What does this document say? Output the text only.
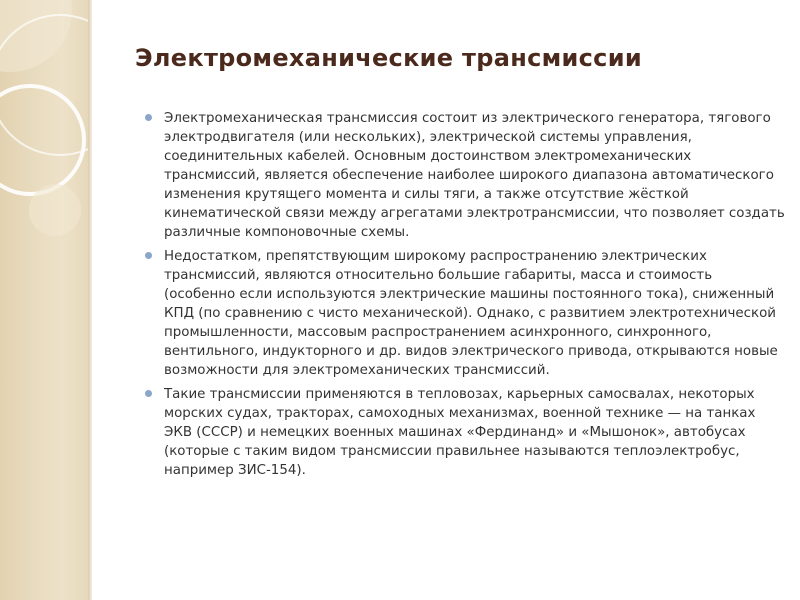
Электромеханические трансмиссии
Электромеханическая трансмиссия состоит из электрического генератора, тягового электродвигателя (или нескольких), электрической системы управления, соединительных кабелей. Основным достоинством электромеханических трансмиссий, является обеспечение наиболее широкого диапазона автоматического изменения крутящего момента и силы тяги, а также отсутствие жёсткой кинематической связи между агрегатами электротрансмиссии, что позволяет создать различные компоновочные схемы.
Недостатком, препятствующим широкому распространению электрических трансмиссий, являются относительно большие габариты, масса и стоимость (особенно если используются электрические машины постоянного тока), сниженный КПД (по сравнению с чисто механической). Однако, с развитием электротехнической промышленности, массовым распространением асинхронного, синхронного, вентильного, индукторного и др. видов электрического привода, открываются новые возможности для электромеханических трансмиссий.
Такие трансмиссии применяются в тепловозах, карьерных самосвалах, некоторых морских судах, тракторах, самоходных механизмах, военной технике — на танках ЭКВ (СССР) и немецких военных машинах «Фердинанд» и «Мышонок», автобусах (которые с таким видом трансмиссии правильнее называются теплоэлектробус, например ЗИС-154).
